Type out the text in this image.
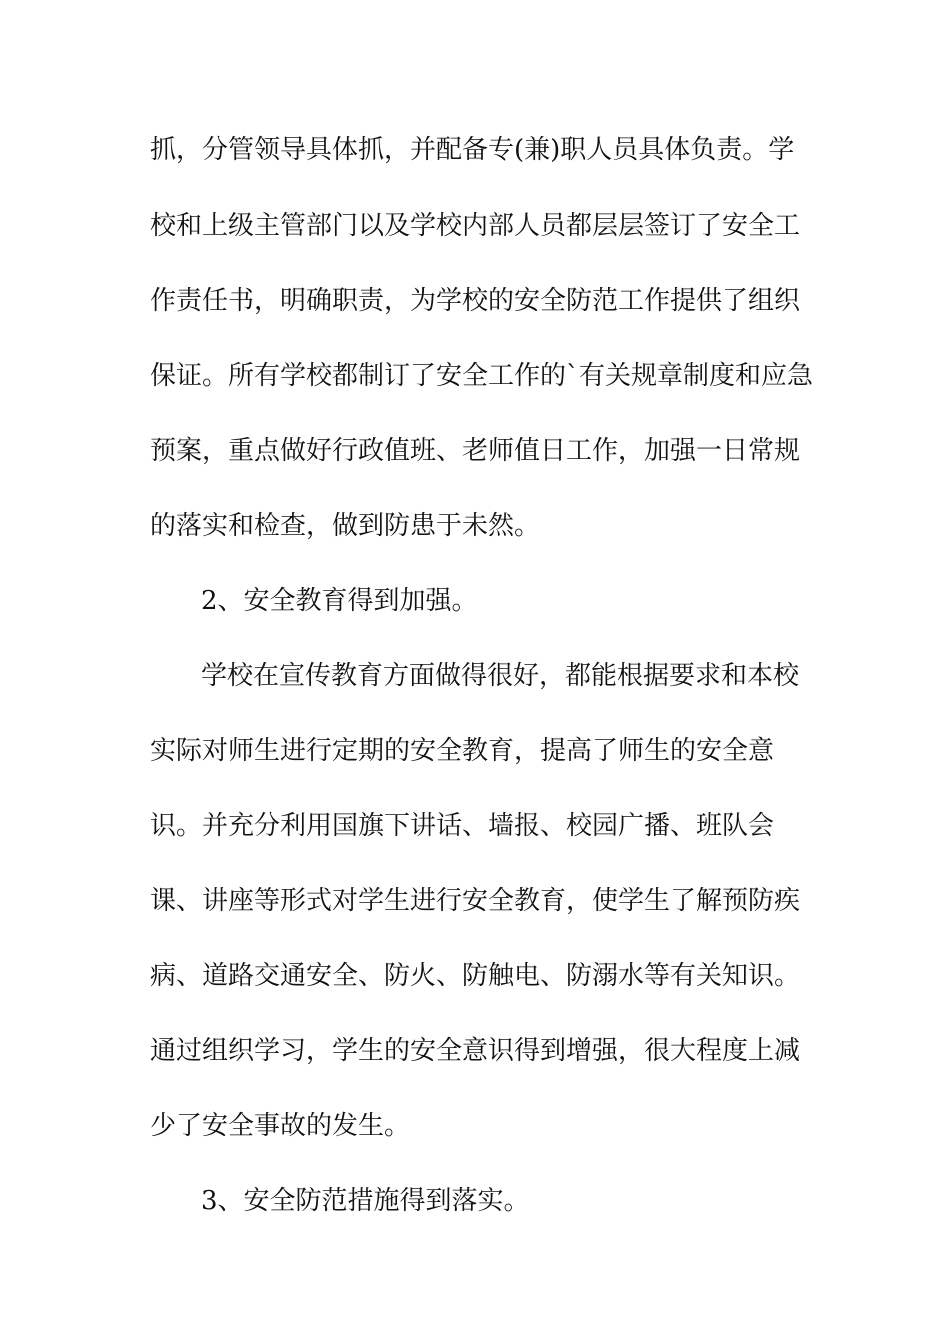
抓，分管领导具体抓，并配备专(兼)职人员具体负责。学
校和上级主管部门以及学校内部人员都层层签订了安全工
作责任书，明确职责，为学校的安全防范工作提供了组织
保证。所有学校都制订了安全工作的`有关规章制度和应急
预案，重点做好行政值班、老师值日工作，加强一日常规
的落实和检查，做到防患于未然。
2、安全教育得到加强。
学校在宣传教育方面做得很好，都能根据要求和本校
实际对师生进行定期的安全教育，提高了师生的安全意
识。并充分利用国旗下讲话、墙报、校园广播、班队会
课、讲座等形式对学生进行安全教育，使学生了解预防疾
病、道路交通安全、防火、防触电、防溺水等有关知识。
通过组织学习，学生的安全意识得到增强，很大程度上减
少了安全事故的发生。
3、安全防范措施得到落实。
